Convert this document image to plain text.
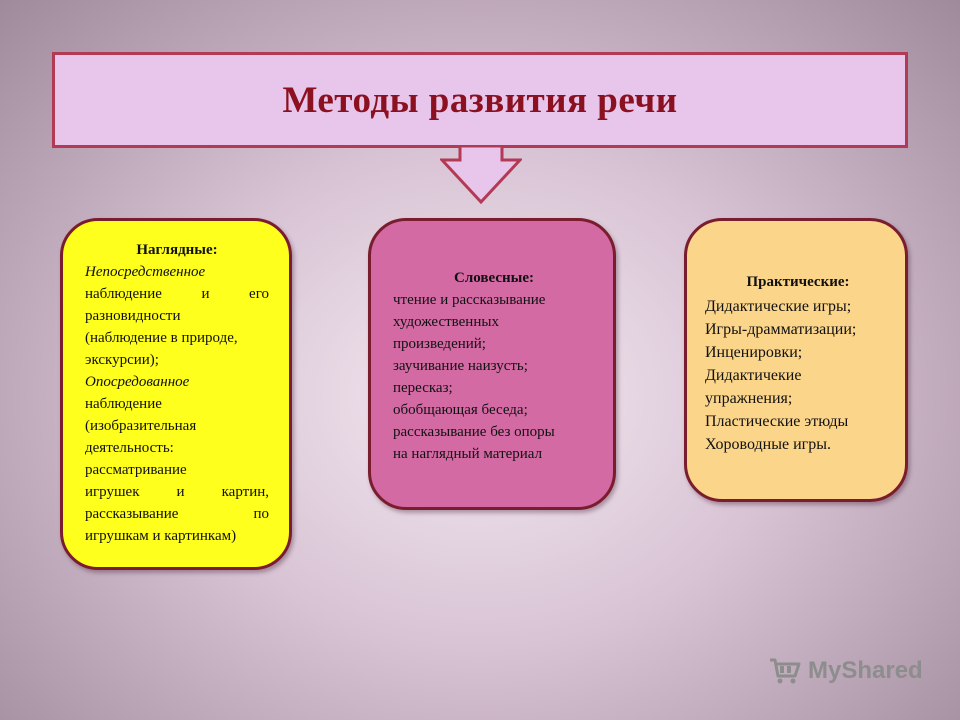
Методы развития речи
Наглядные:
Непосредственное
наблюдение и его
разновидности
(наблюдение в природе,
экскурсии);
Опосредованное
наблюдение
(изобразительная
деятельность:
рассматривание
игрушек и картин,
рассказывание по
игрушкам и картинкам)
Словесные:
чтение и рассказывание
художественных
произведений;
заучивание наизусть;
пересказ;
обобщающая беседа;
рассказывание без опоры
на наглядный материал
Практические:
Дидактические игры;
Игры-драмматизации;
Инценировки;
Дидактичекие
упражнения;
Пластические этюды
Хороводные игры.
MyShared
